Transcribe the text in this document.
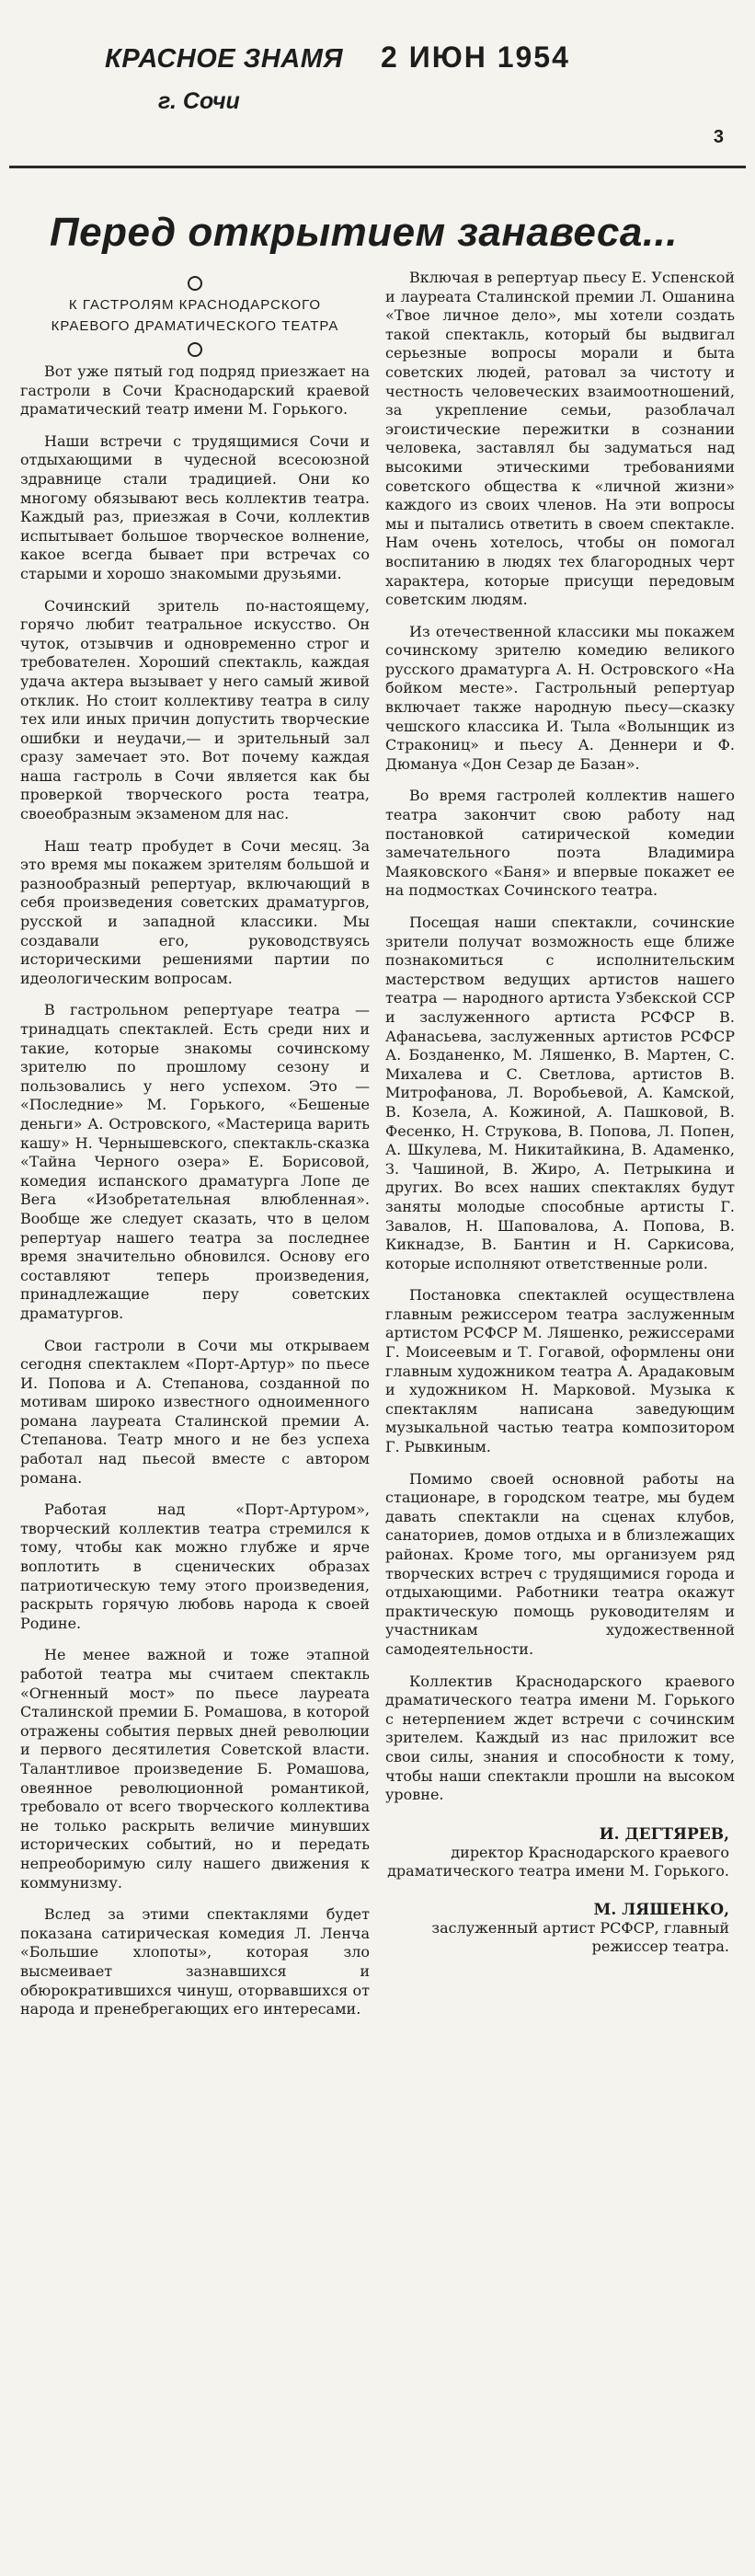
КРАСНОЕ ЗНАМЯ
г. Сочи
2 ИЮН 1954
3
Перед открытием занавеса...
К ГАСТРОЛЯМ КРАСНОДАРСКОГО
КРАЕВОГО ДРАМАТИЧЕСКОГО ТЕАТРА

Вот уже пятый год подряд приезжает на гастроли в Сочи Краснодарский краевой драматический театр имени М. Горького.

Наши встречи с трудящимися Сочи и отдыхающими в чудесной всесоюзной здравнице стали традицией. Они ко многому обязывают весь коллектив театра. Каждый раз, приезжая в Сочи, коллектив испытывает большое творческое волнение, какое всегда бывает при встречах со старыми и хорошо знакомыми друзьями.

Сочинский зритель по-настоящему, горячо любит театральное искусство. Он чуток, отзывчив и одновременно строг и требователен. Хороший спектакль, каждая удача актера вызывает у него самый живой отклик. Но стоит коллективу театра в силу тех или иных причин допустить творческие ошибки и неудачи,— и зрительный зал сразу замечает это. Вот почему каждая наша гастроль в Сочи является как бы проверкой творческого роста театра, своеобразным экзаменом для нас.

Наш театр пробудет в Сочи месяц. За это время мы покажем зрителям большой и разнообразный репертуар, включающий в себя произведения советских драматургов, русской и западной классики. Мы создавали его, руководствуясь историческими решениями партии по идеологическим вопросам.

В гастрольном репертуаре театра — тринадцать спектаклей. Есть среди них и такие, которые знакомы сочинскому зрителю по прошлому сезону и пользовались у него успехом. Это — «Последние» М. Горького, «Бешеные деньги» А. Островского, «Мастерица варить кашу» Н. Чернышевского, спектакль-сказка «Тайна Черного озера» Е. Борисовой, комедия испанского драматурга Лопе де Вега «Изобретательная влюбленная». Вообще же следует сказать, что в целом репертуар нашего театра за последнее время значительно обновился. Основу его составляют теперь произведения, принадлежащие перу советских драматургов.

Свои гастроли в Сочи мы открываем сегодня спектаклем «Порт-Артур» по пьесе И. Попова и А. Степанова, созданной по мотивам широко известного одноименного романа лауреата Сталинской премии А. Степанова. Театр много и не без успеха работал над пьесой вместе с автором романа.

Работая над «Порт-Артуром», творческий коллектив театра стремился к тому, чтобы как можно глубже и ярче воплотить в сценических образах патриотическую тему этого произведения, раскрыть горячую любовь народа к своей Родине.

Не менее важной и тоже этапной работой театра мы считаем спектакль «Огненный мост» по пьесе лауреата Сталинской премии Б. Ромашова, в которой отражены события первых дней революции и первого десятилетия Советской власти. Талантливое произведение Б. Ромашова, овеянное революционной романтикой, требовало от всего творческого коллектива не только раскрыть величие минувших исторических событий, но и передать непреоборимую силу нашего движения к коммунизму.

Вслед за этими спектаклями будет показана сатирическая комедия Л. Ленча «Большие хлопоты», которая зло высмеивает зазнавшихся и обюрократившихся чинуш, оторвавшихся от народа и пренебрегающих его интересами.

Включая в репертуар пьесу Е. Успенской и лауреата Сталинской премии Л. Ошанина «Твое личное дело», мы хотели создать такой спектакль, который бы выдвигал серьезные вопросы морали и быта советских людей, ратовал за чистоту и честность человеческих взаимоотношений, за укрепление семьи, разоблачал эгоистические пережитки в сознании человека, заставлял бы задуматься над высокими этическими требованиями советского общества к «личной жизни» каждого из своих членов. На эти вопросы мы и пытались ответить в своем спектакле. Нам очень хотелось, чтобы он помогал воспитанию в людях тех благородных черт характера, которые присущи передовым советским людям.

Из отечественной классики мы покажем сочинскому зрителю комедию великого русского драматурга А. Н. Островского «На бойком месте». Гастрольный репертуар включает также народную пьесу—сказку чешского классика И. Тыла «Волынщик из Стракониц» и пьесу А. Деннери и Ф. Дюмануа «Дон Сезар де Базан».

Во время гастролей коллектив нашего театра закончит свою работу над постановкой сатирической комедии замечательного поэта Владимира Маяковского «Баня» и впервые покажет ее на подмостках Сочинского театра.

Посещая наши спектакли, сочинские зрители получат возможность еще ближе познакомиться с исполнительским мастерством ведущих артистов нашего театра — народного артиста Узбекской ССР и заслуженного артиста РСФСР В. Афанасьева, заслуженных артистов РСФСР А. Бозданенко, М. Ляшенко, В. Мартен, С. Михалева и С. Светлова, артистов В. Митрофанова, Л. Воробьевой, А. Камской, В. Козела, А. Кожиной, А. Пашковой, В. Фесенко, Н. Струкова, В. Попова, Л. Попен, А. Шкулева, М. Никитайкина, В. Адаменко, З. Чашиной, В. Жиро, А. Петрыкина и других. Во всех наших спектаклях будут заняты молодые способные артисты Г. Завалов, Н. Шаповалова, А. Попова, В. Кикнадзе, В. Бантин и Н. Саркисова, которые исполняют ответственные роли.

Постановка спектаклей осуществлена главным режиссером театра заслуженным артистом РСФСР М. Ляшенко, режиссерами Г. Моисеевым и Т. Гогавой, оформлены они главным художником театра А. Арадаковым и художником Н. Марковой. Музыка к спектаклям написана заведующим музыкальной частью театра композитором Г. Рывкиным.

Помимо своей основной работы на стационаре, в городском театре, мы будем давать спектакли на сценах клубов, санаториев, домов отдыха и в близлежащих районах. Кроме того, мы организуем ряд творческих встреч с трудящимися города и отдыхающими. Работники театра окажут практическую помощь руководителям и участникам художественной самодеятельности.

Коллектив Краснодарского краевого драматического театра имени М. Горького с нетерпением ждет встречи с сочинским зрителем. Каждый из нас приложит все свои силы, знания и способности к тому, чтобы наши спектакли прошли на высоком уровне.

И. ДЕГТЯРЕВ,
директор Краснодарского краевого драматического театра имени М. Горького.
М. ЛЯШЕНКО,
заслуженный артист РСФСР, главный режиссер театра.
